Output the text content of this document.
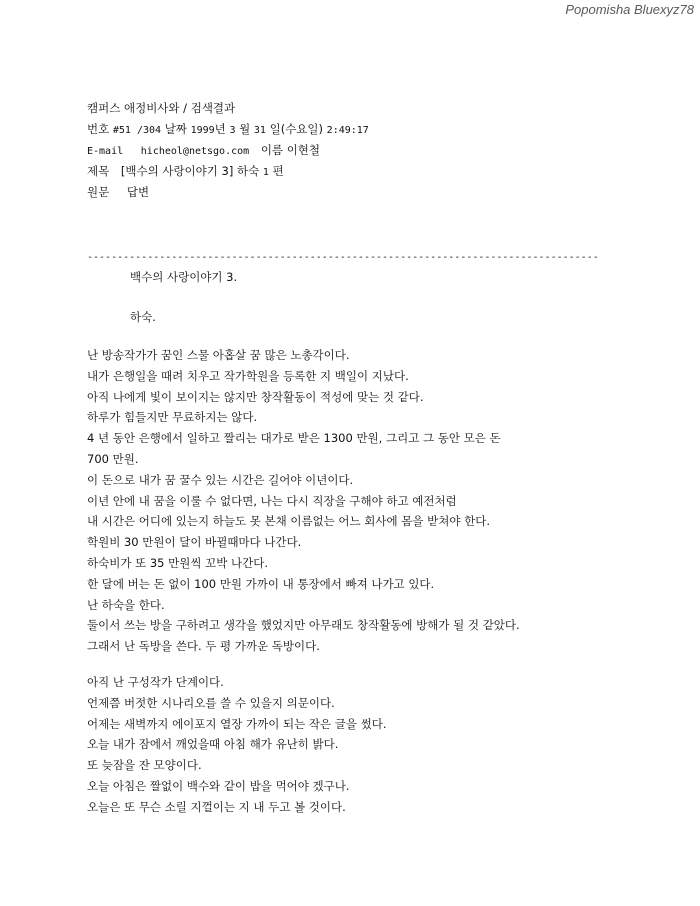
Popomisha Bluexyz78
캠퍼스 애정비사와 / 검색결과
번호 #51 /304 날짜 1999년 3 월 31 일(수요일) 2:49:17
E-mail hicheol@netsgo.com 이름 이현철
제목 [백수의 사랑이야기 3] 하숙 1 편
원문 답변
-------------------------------------------------------------------------------------
백수의 사랑이야기 3.
하숙.
난 방송작가가 꿈인 스물 아홉살 꿈 많은 노총각이다.
내가 은행일을 때려 치우고 작가학원을 등록한 지 백일이 지났다.
아직 나에게 빛이 보이지는 않지만 창작활동이 적성에 맞는 것 같다.
하루가 힘들지만 무료하지는 않다.
4 년 동안 은행에서 일하고 짤리는 대가로 받은 1300 만원, 그리고 그 동안 모은 돈
700 만원.
이 돈으로 내가 꿈 꿀수 있는 시간은 길어야 이년이다.
이년 안에 내 꿈을 이룰 수 없다면, 나는 다시 직장을 구해야 하고 예전처럼
내 시간은 어디에 있는지 하늘도 못 본채 이름없는 어느 회사에 몸을 받쳐야 한다.
학원비 30 만원이 달이 바뀔때마다 나간다.
하숙비가 또 35 만원씩 꼬박 나간다.
한 달에 버는 돈 없이 100 만원 가까이 내 통장에서 빠져 나가고 있다.
난 하숙을 한다.
둘이서 쓰는 방을 구하려고 생각을 했었지만 아무래도 창작활동에 방해가 될 것 같았다.
그래서 난 독방을 쓴다. 두 평 가까운 독방이다.
아직 난 구성작가 단계이다.
언제쯤 버젓한 시나리오를 쓸 수 있을지 의문이다.
어제는 새벽까지 에이포지 열장 가까이 되는 작은 글을 썼다.
오늘 내가 잠에서 깨었을때 아침 해가 유난히 밝다.
또 늦잠을 잔 모양이다.
오늘 아침은 짤없이 백수와 같이 밥을 먹어야 겠구나.
오늘은 또 무슨 소릴 지껄이는 지 내 두고 볼 것이다.
